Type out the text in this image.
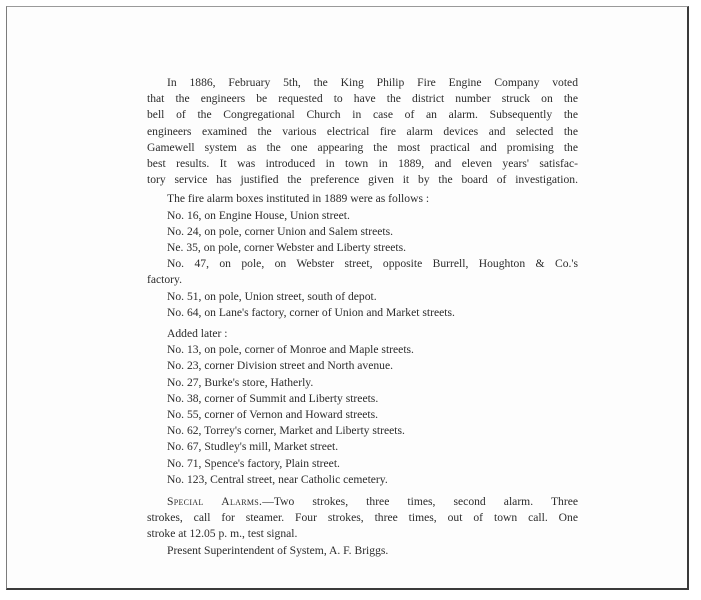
In 1886, February 5th, the King Philip Fire Engine Company voted

that the engineers be requested to have the district number struck on the

bell of the Congregational Church in case of an alarm. Subsequently the

engineers examined the various electrical fire alarm devices and selected the

Gamewell system as the one appearing the most practical and promising the

best results. It was introduced in town in 1889, and eleven years' satisfac-

tory service has justified the preference given it by the board of investigation.

The fire alarm boxes instituted in 1889 were as follows :

No. 16, on Engine House, Union street.

No. 24, on pole, corner Union and Salem streets.

Ne. 35, on pole, corner Webster and Liberty streets.

No. 47, on pole, on Webster street, opposite Burrell, Houghton & Co.'s

factory.

No. 51, on pole, Union street, south of depot.

No. 64, on Lane's factory, corner of Union and Market streets.

Added later :

No. 13, on pole, corner of Monroe and Maple streets.

No. 23, corner Division street and North avenue.

No. 27, Burke's store, Hatherly.

No. 38, corner of Summit and Liberty streets.

No. 55, corner of Vernon and Howard streets.

No. 62, Torrey's corner, Market and Liberty streets.

No. 67, Studley's mill, Market street.

No. 71, Spence's factory, Plain street.

No. 123, Central street, near Catholic cemetery.

Special Alarms.—Two strokes, three times, second alarm. Three

strokes, call for steamer. Four strokes, three times, out of town call. One

stroke at 12.05 p. m., test signal.

Present Superintendent of System, A. F. Briggs.
